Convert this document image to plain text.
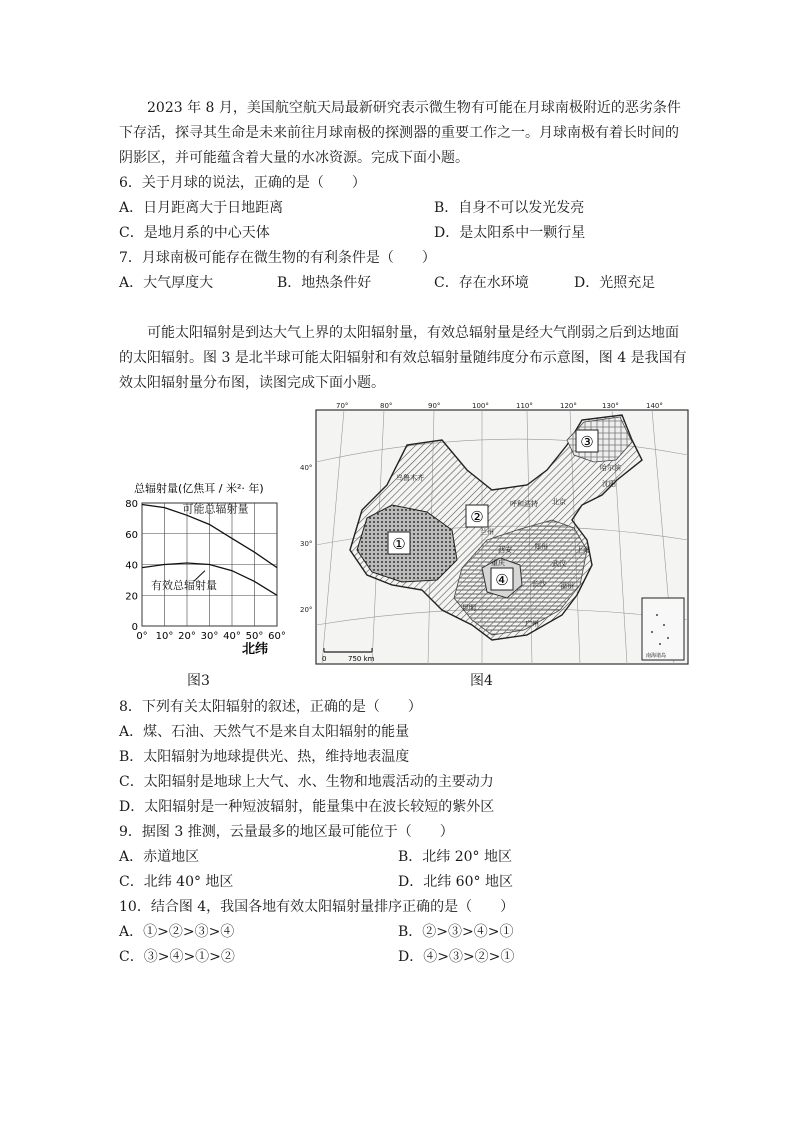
2023 年 8 月，美国航空航天局最新研究表示微生物有可能在月球南极附近的恶劣条件
下存活，探寻其生命是未来前往月球南极的探测器的重要工作之一。月球南极有着长时间的
阴影区，并可能蕴含着大量的水冰资源。完成下面小题。
6．关于月球的说法，正确的是（　　）
A．日月距离大于日地距离	B．自身不可以发光发亮
C．是地月系的中心天体	D．是太阳系中一颗行星
7．月球南极可能存在微生物的有利条件是（　　）
A．大气厚度大	B．地热条件好	C．存在水环境	D．光照充足
可能太阳辐射是到达大气上界的太阳辐射量，有效总辐射量是经大气削弱之后到达地面
的太阳辐射。图 3 是北半球可能太阳辐射和有效总辐射量随纬度分布示意图，图 4 是我国有
效太阳辐射量分布图，读图完成下面小题。
总辐射量(亿焦耳 / 米²· 年)
可能总辐射量
有效总辐射量
0° 10° 20° 30° 40° 50° 60°
0
20
40
60
80
北纬
图3
①
②
③
④
乌鲁木齐
哈尔滨
沈阳
呼和浩特 北京
兰州
西安	郑州	上海
重庆	武汉
长沙 福州
昆明
广州
70°	80°	90°	100°	110°	120°	130°	140°
40°
30°
20°
0	750 km	南海诸岛
图4
8．下列有关太阳辐射的叙述，正确的是（　　）
A．煤、石油、天然气不是来自太阳辐射的能量
B．太阳辐射为地球提供光、热，维持地表温度
C．太阳辐射是地球上大气、水、生物和地震活动的主要动力
D．太阳辐射是一种短波辐射，能量集中在波长较短的紫外区
9．据图 3 推测，云量最多的地区最可能位于（　　）
A．赤道地区	B．北纬 20° 地区
C．北纬 40° 地区	D．北纬 60° 地区
10．结合图 4，我国各地有效太阳辐射量排序正确的是（　　）
A．①>②>③>④	B．②>③>④>①
C．③>④>①>②	D．④>③>②>①
